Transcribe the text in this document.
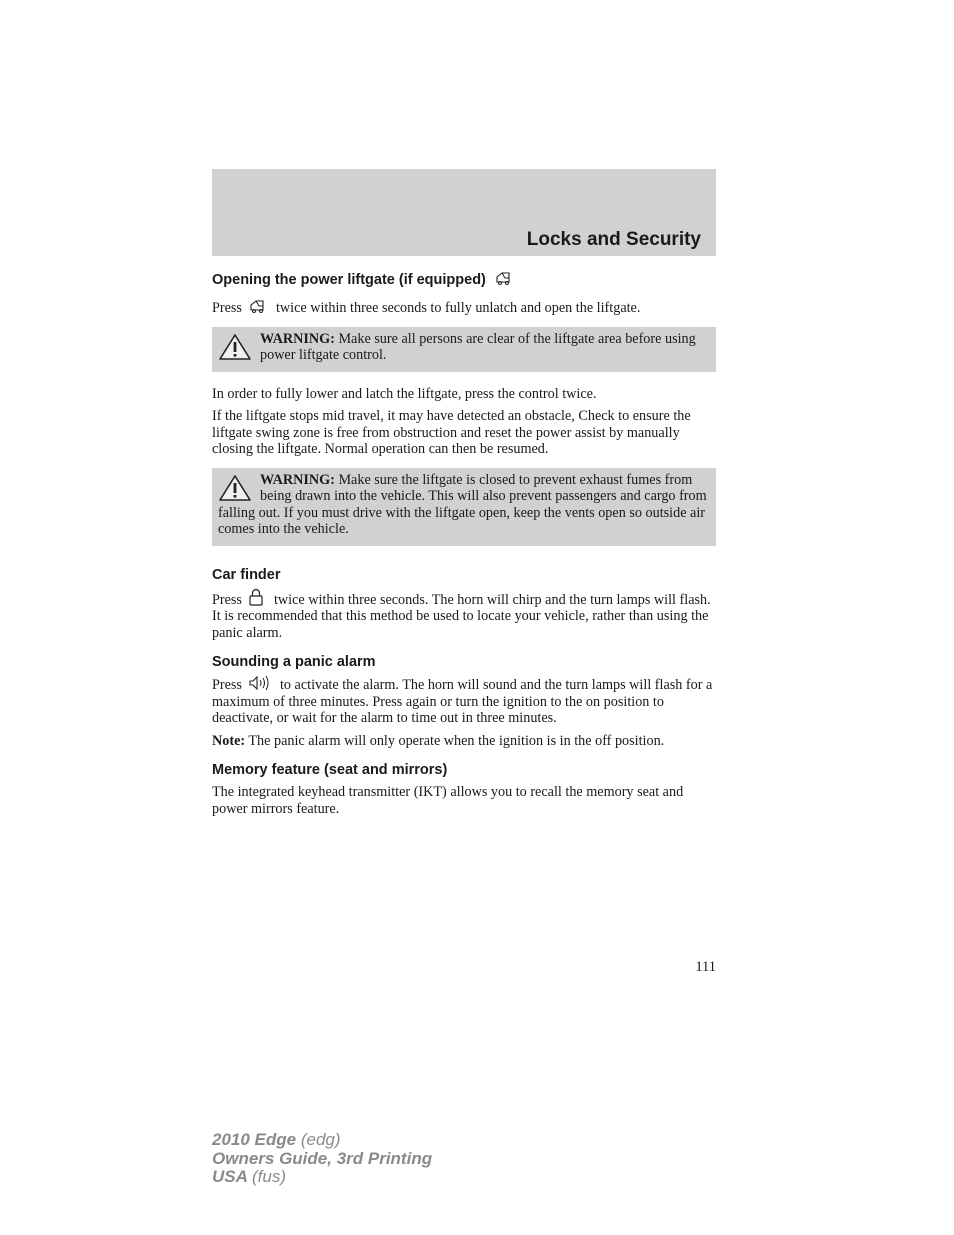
Locks and Security
Opening the power liftgate (if equipped)

Press twice within three seconds to fully unlatch and open the liftgate.

WARNING: Make sure all persons are clear of the liftgate area before using power liftgate control.

In order to fully lower and latch the liftgate, press the control twice.

If the liftgate stops mid travel, it may have detected an obstacle, Check to ensure the liftgate swing zone is free from obstruction and reset the power assist by manually closing the liftgate. Normal operation can then be resumed.

WARNING: Make sure the liftgate is closed to prevent exhaust fumes from being drawn into the vehicle. This will also prevent passengers and cargo from falling out. If you must drive with the liftgate open, keep the vents open so outside air comes into the vehicle.

Car finder

Press twice within three seconds. The horn will chirp and the turn lamps will flash. It is recommended that this method be used to locate your vehicle, rather than using the panic alarm.

Sounding a panic alarm

Press	to activate the alarm. The horn will sound and the turn lamps will flash for a maximum of three minutes. Press again or turn the ignition to the on position to deactivate, or wait for the alarm to time out in three minutes.

Note: The panic alarm will only operate when the ignition is in the off position.

Memory feature (seat and mirrors)

The integrated keyhead transmitter (IKT) allows you to recall the memory seat and power mirrors feature.

111
2010 Edge (edg)
Owners Guide, 3rd Printing
USA (fus)
